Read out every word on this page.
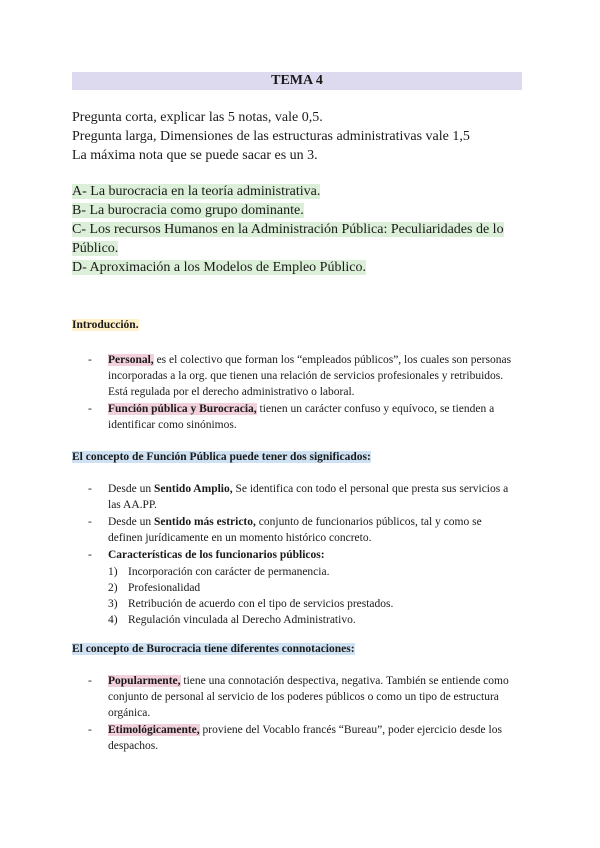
TEMA 4
Pregunta corta, explicar las 5 notas, vale 0,5.
Pregunta larga, Dimensiones de las estructuras administrativas vale 1,5
La máxima nota que se puede sacar es un 3.
A- La burocracia en la teoría administrativa.
B- La burocracia como grupo dominante.
C- Los recursos Humanos en la Administración Pública: Peculiaridades de lo Público.
D- Aproximación a los Modelos de Empleo Público.
Introducción.
- Personal, es el colectivo que forman los “empleados públicos”, los cuales son personas incorporadas a la org. que tienen una relación de servicios profesionales y retribuidos. Está regulada por el derecho administrativo o laboral.
- Función pública y Burocracia, tienen un carácter confuso y equívoco, se tienden a identificar como sinónimos.
El concepto de Función Pública puede tener dos significados:
- Desde un Sentido Amplio, Se identifica con todo el personal que presta sus servicios a las AA.PP.
- Desde un Sentido más estricto, conjunto de funcionarios públicos, tal y como se definen jurídicamente en un momento histórico concreto.
- Características de los funcionarios públicos:
1) Incorporación con carácter de permanencia.
2) Profesionalidad
3) Retribución de acuerdo con el tipo de servicios prestados.
4) Regulación vinculada al Derecho Administrativo.
El concepto de Burocracia tiene diferentes connotaciones:
- Popularmente, tiene una connotación despectiva, negativa. También se entiende como conjunto de personal al servicio de los poderes públicos o como un tipo de estructura orgánica.
- Etimológicamente, proviene del Vocablo francés “Bureau”, poder ejercicio desde los despachos.
